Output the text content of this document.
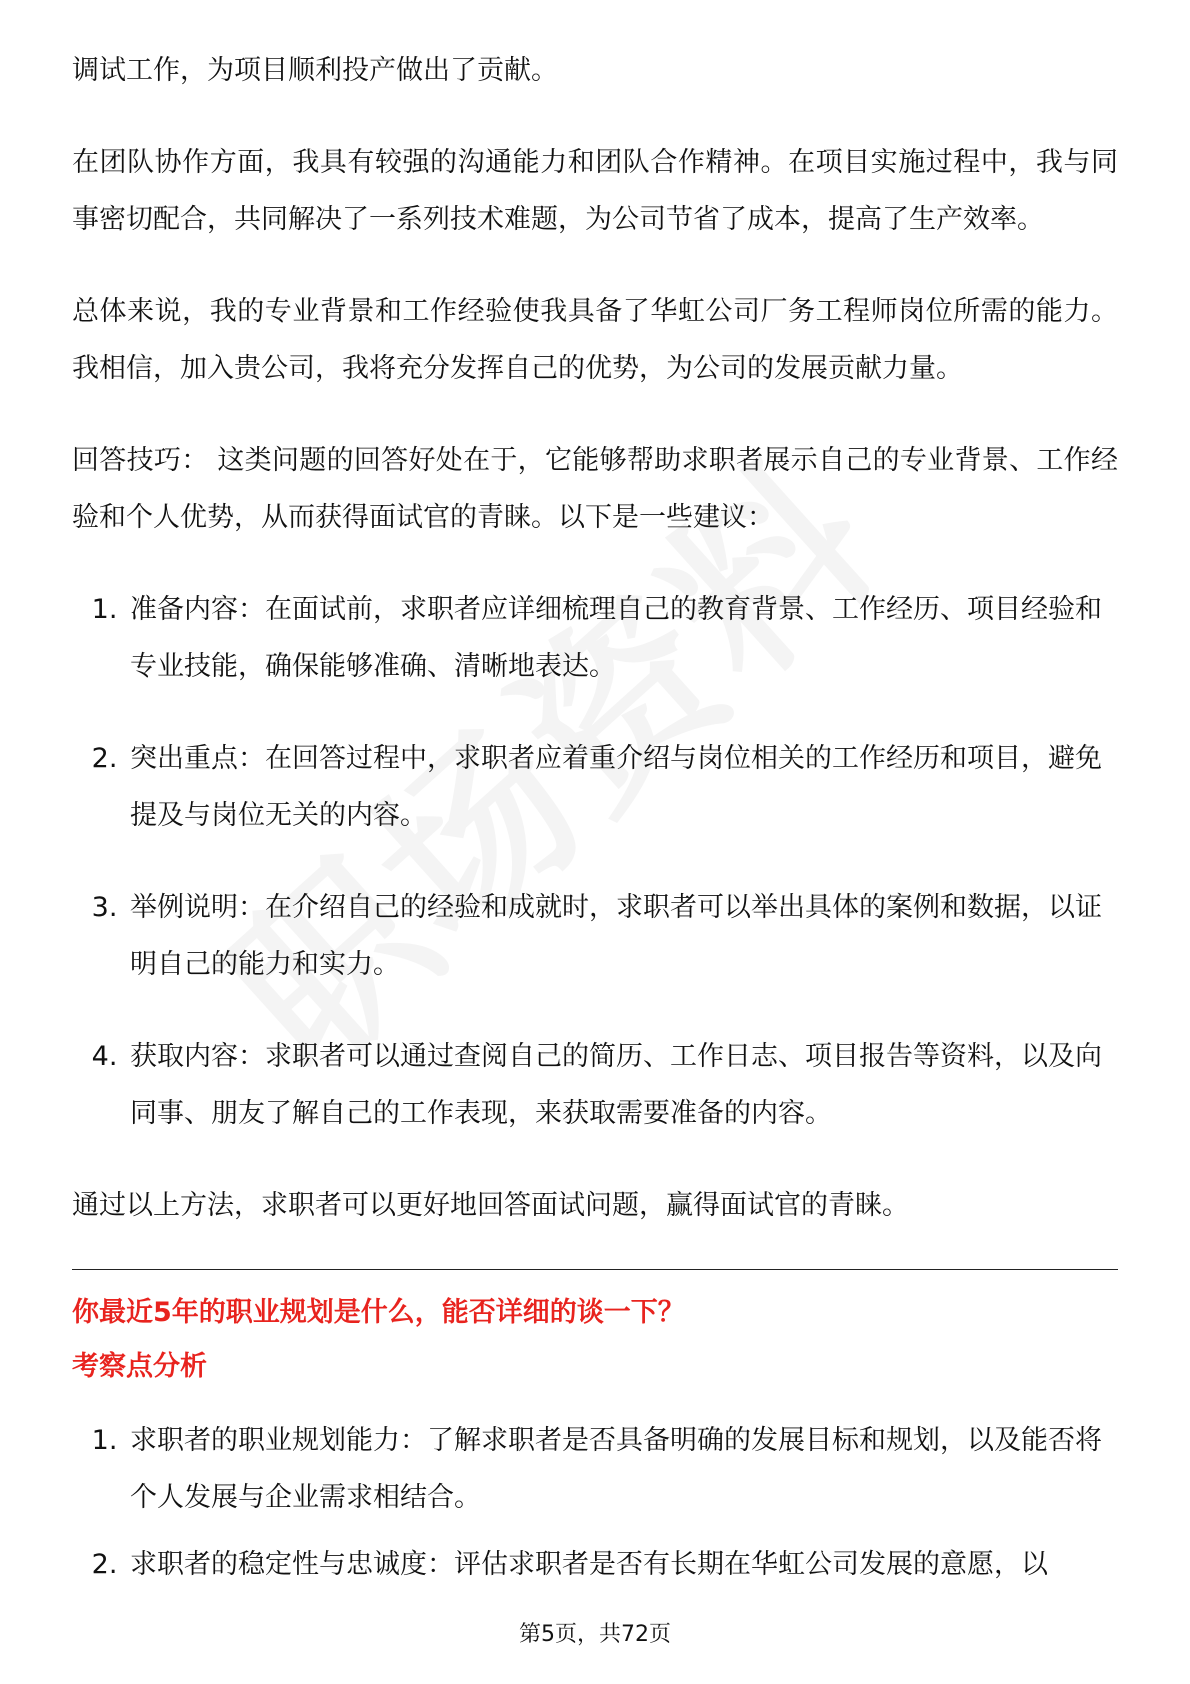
调试工作，为项目顺利投产做出了贡献。

在团队协作方面，我具有较强的沟通能力和团队合作精神。在项目实施过程中，我与同事密切配合，共同解决了一系列技术难题，为公司节省了成本，提高了生产效率。

总体来说，我的专业背景和工作经验使我具备了华虹公司厂务工程师岗位所需的能力。我相信，加入贵公司，我将充分发挥自己的优势，为公司的发展贡献力量。

回答技巧： 这类问题的回答好处在于，它能够帮助求职者展示自己的专业背景、工作经验和个人优势，从而获得面试官的青睐。以下是一些建议：

1. 准备内容：在面试前，求职者应详细梳理自己的教育背景、工作经历、项目经验和专业技能，确保能够准确、清晰地表达。
2. 突出重点：在回答过程中，求职者应着重介绍与岗位相关的工作经历和项目，避免提及与岗位无关的内容。
3. 举例说明：在介绍自己的经验和成就时，求职者可以举出具体的案例和数据，以证明自己的能力和实力。
4. 获取内容：求职者可以通过查阅自己的简历、工作日志、项目报告等资料，以及向同事、朋友了解自己的工作表现，来获取需要准备的内容。

通过以上方法，求职者可以更好地回答面试问题，赢得面试官的青睐。

你最近5年的职业规划是什么，能否详细的谈一下？
考察点分析
1. 求职者的职业规划能力：了解求职者是否具备明确的发展目标和规划，以及能否将个人发展与企业需求相结合。
2. 求职者的稳定性与忠诚度：评估求职者是否有长期在华虹公司发展的意愿，以
第5页，共72页
